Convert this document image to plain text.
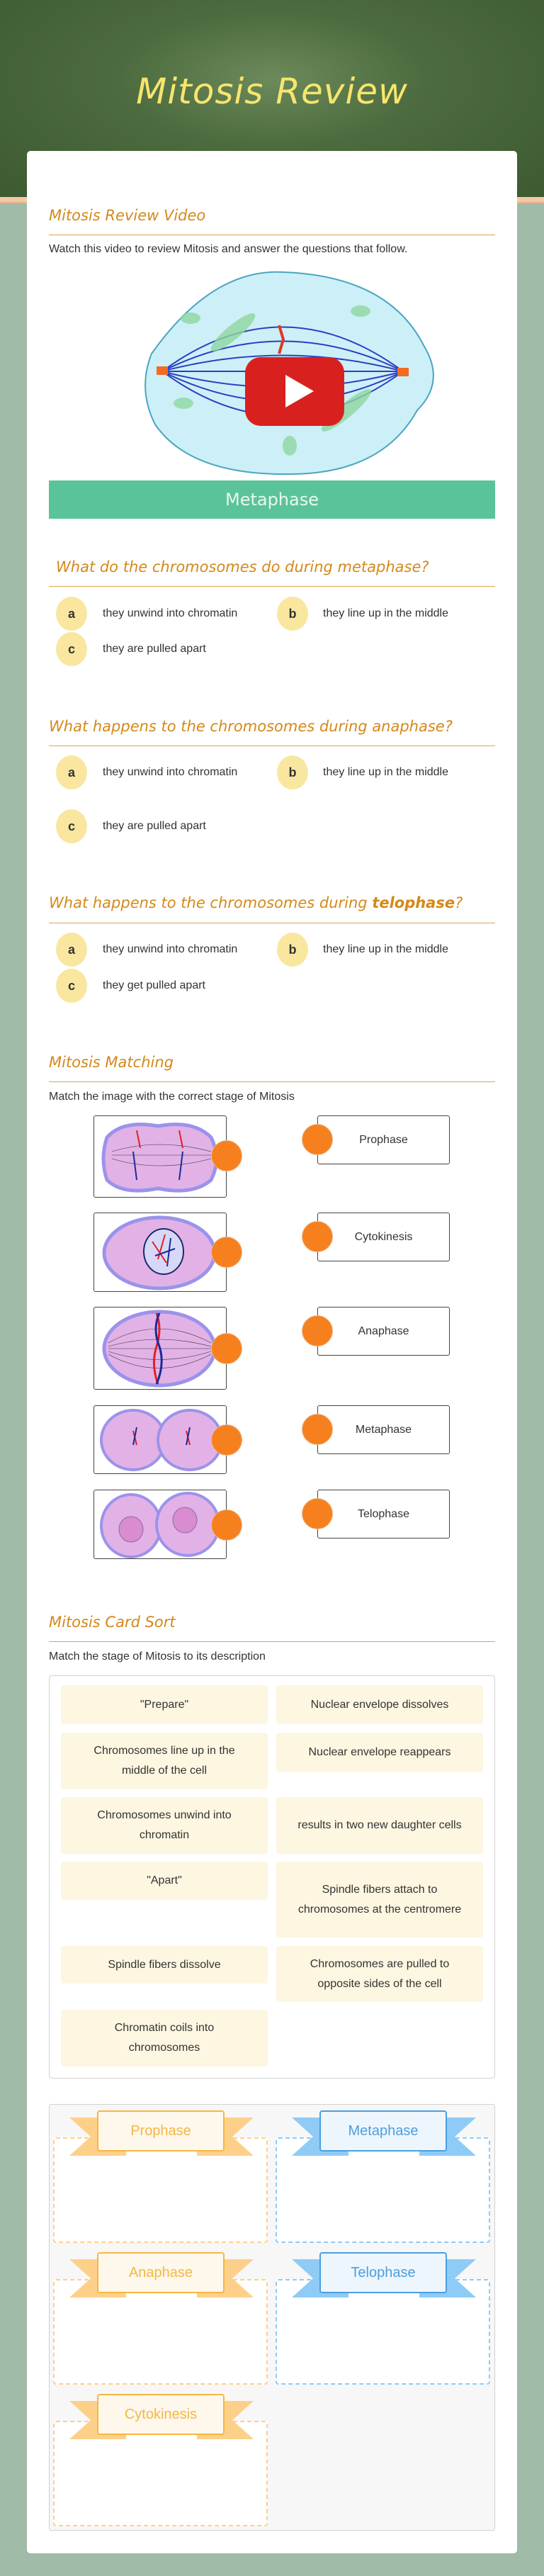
Mitosis Review
Mitosis Review Video
Watch this video to review Mitosis and answer the questions that follow.
Metaphase
What do the chromosomes do during metaphase?
a	they unwind into chromatin	b	they line up in the middle
c	they are pulled apart
What happens to the chromosomes during anaphase?
a	they unwind into chromatin	b	they line up in the middle
c	they are pulled apart
What happens to the chromosomes during telophase?
a	they unwind into chromatin	b	they line up in the middle
c	they get pulled apart
Mitosis Matching
Match the image with the correct stage of Mitosis
Prophase
Cytokinesis
Anaphase
Metaphase
Telophase
Mitosis Card Sort
Match the stage of Mitosis to its description
"Prepare"	Nuclear envelope dissolves
Chromosomes line up in the middle of the cell
Nuclear envelope reappears
Chromosomes unwind into chromatin
results in two new daughter cells
"Apart"
Spindle fibers attach to chromosomes at the centromere
Spindle fibers dissolve	Chromosomes are pulled to opposite sides of the cell
Chromatin coils into chromosomes
Prophase	Metaphase
Anaphase	Telophase
Cytokinesis
